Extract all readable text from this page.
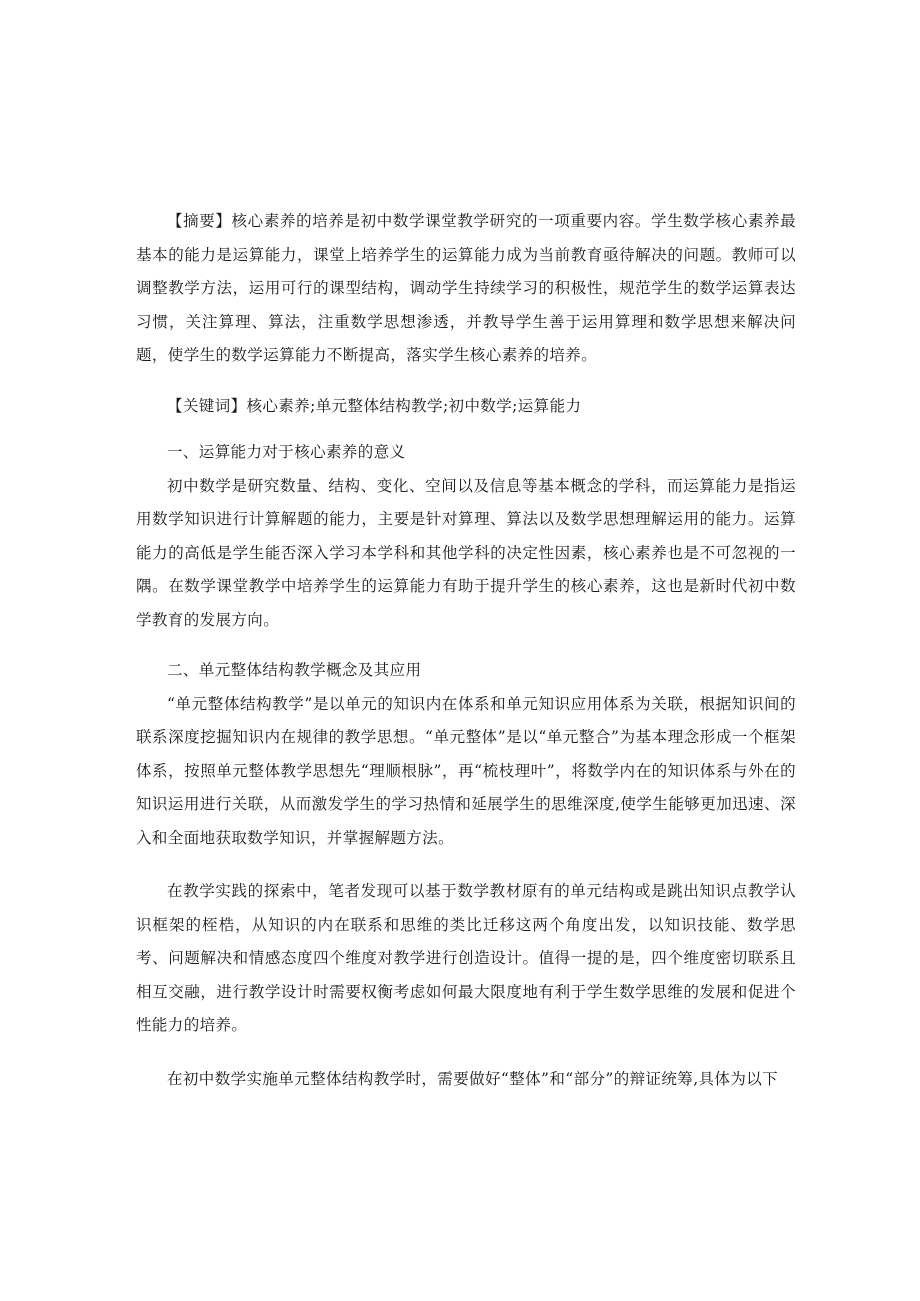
【摘要】核心素养的培养是初中数学课堂教学研究的一项重要内容。学生数学核心素养最基本的能力是运算能力，课堂上培养学生的运算能力成为当前教育亟待解决的问题。教师可以调整教学方法，运用可行的课型结构，调动学生持续学习的积极性，规范学生的数学运算表达习惯，关注算理、算法，注重数学思想渗透，并教导学生善于运用算理和数学思想来解决问题，使学生的数学运算能力不断提高，落实学生核心素养的培养。

【关键词】核心素养;单元整体结构教学;初中数学;运算能力

一、运算能力对于核心素养的意义

初中数学是研究数量、结构、变化、空间以及信息等基本概念的学科，而运算能力是指运用数学知识进行计算解题的能力，主要是针对算理、算法以及数学思想理解运用的能力。运算能力的高低是学生能否深入学习本学科和其他学科的决定性因素，核心素养也是不可忽视的一隅。在数学课堂教学中培养学生的运算能力有助于提升学生的核心素养，这也是新时代初中数学教育的发展方向。

二、单元整体结构教学概念及其应用

“单元整体结构教学”是以单元的知识内在体系和单元知识应用体系为关联，根据知识间的联系深度挖掘知识内在规律的教学思想。“单元整体”是以“单元整合”为基本理念形成一个框架体系，按照单元整体教学思想先“理顺根脉”，再“梳枝理叶”，将数学内在的知识体系与外在的知识运用进行关联，从而激发学生的学习热情和延展学生的思维深度,使学生能够更加迅速、深入和全面地获取数学知识，并掌握解题方法。

在教学实践的探索中，笔者发现可以基于数学教材原有的单元结构或是跳出知识点教学认识框架的桎梏，从知识的内在联系和思维的类比迁移这两个角度出发，以知识技能、数学思考、问题解决和情感态度四个维度对教学进行创造设计。值得一提的是，四个维度密切联系且相互交融，进行教学设计时需要权衡考虑如何最大限度地有利于学生数学思维的发展和促进个性能力的培养。

在初中数学实施单元整体结构教学时，需要做好“整体”和“部分”的辩证统筹,具体为以下
